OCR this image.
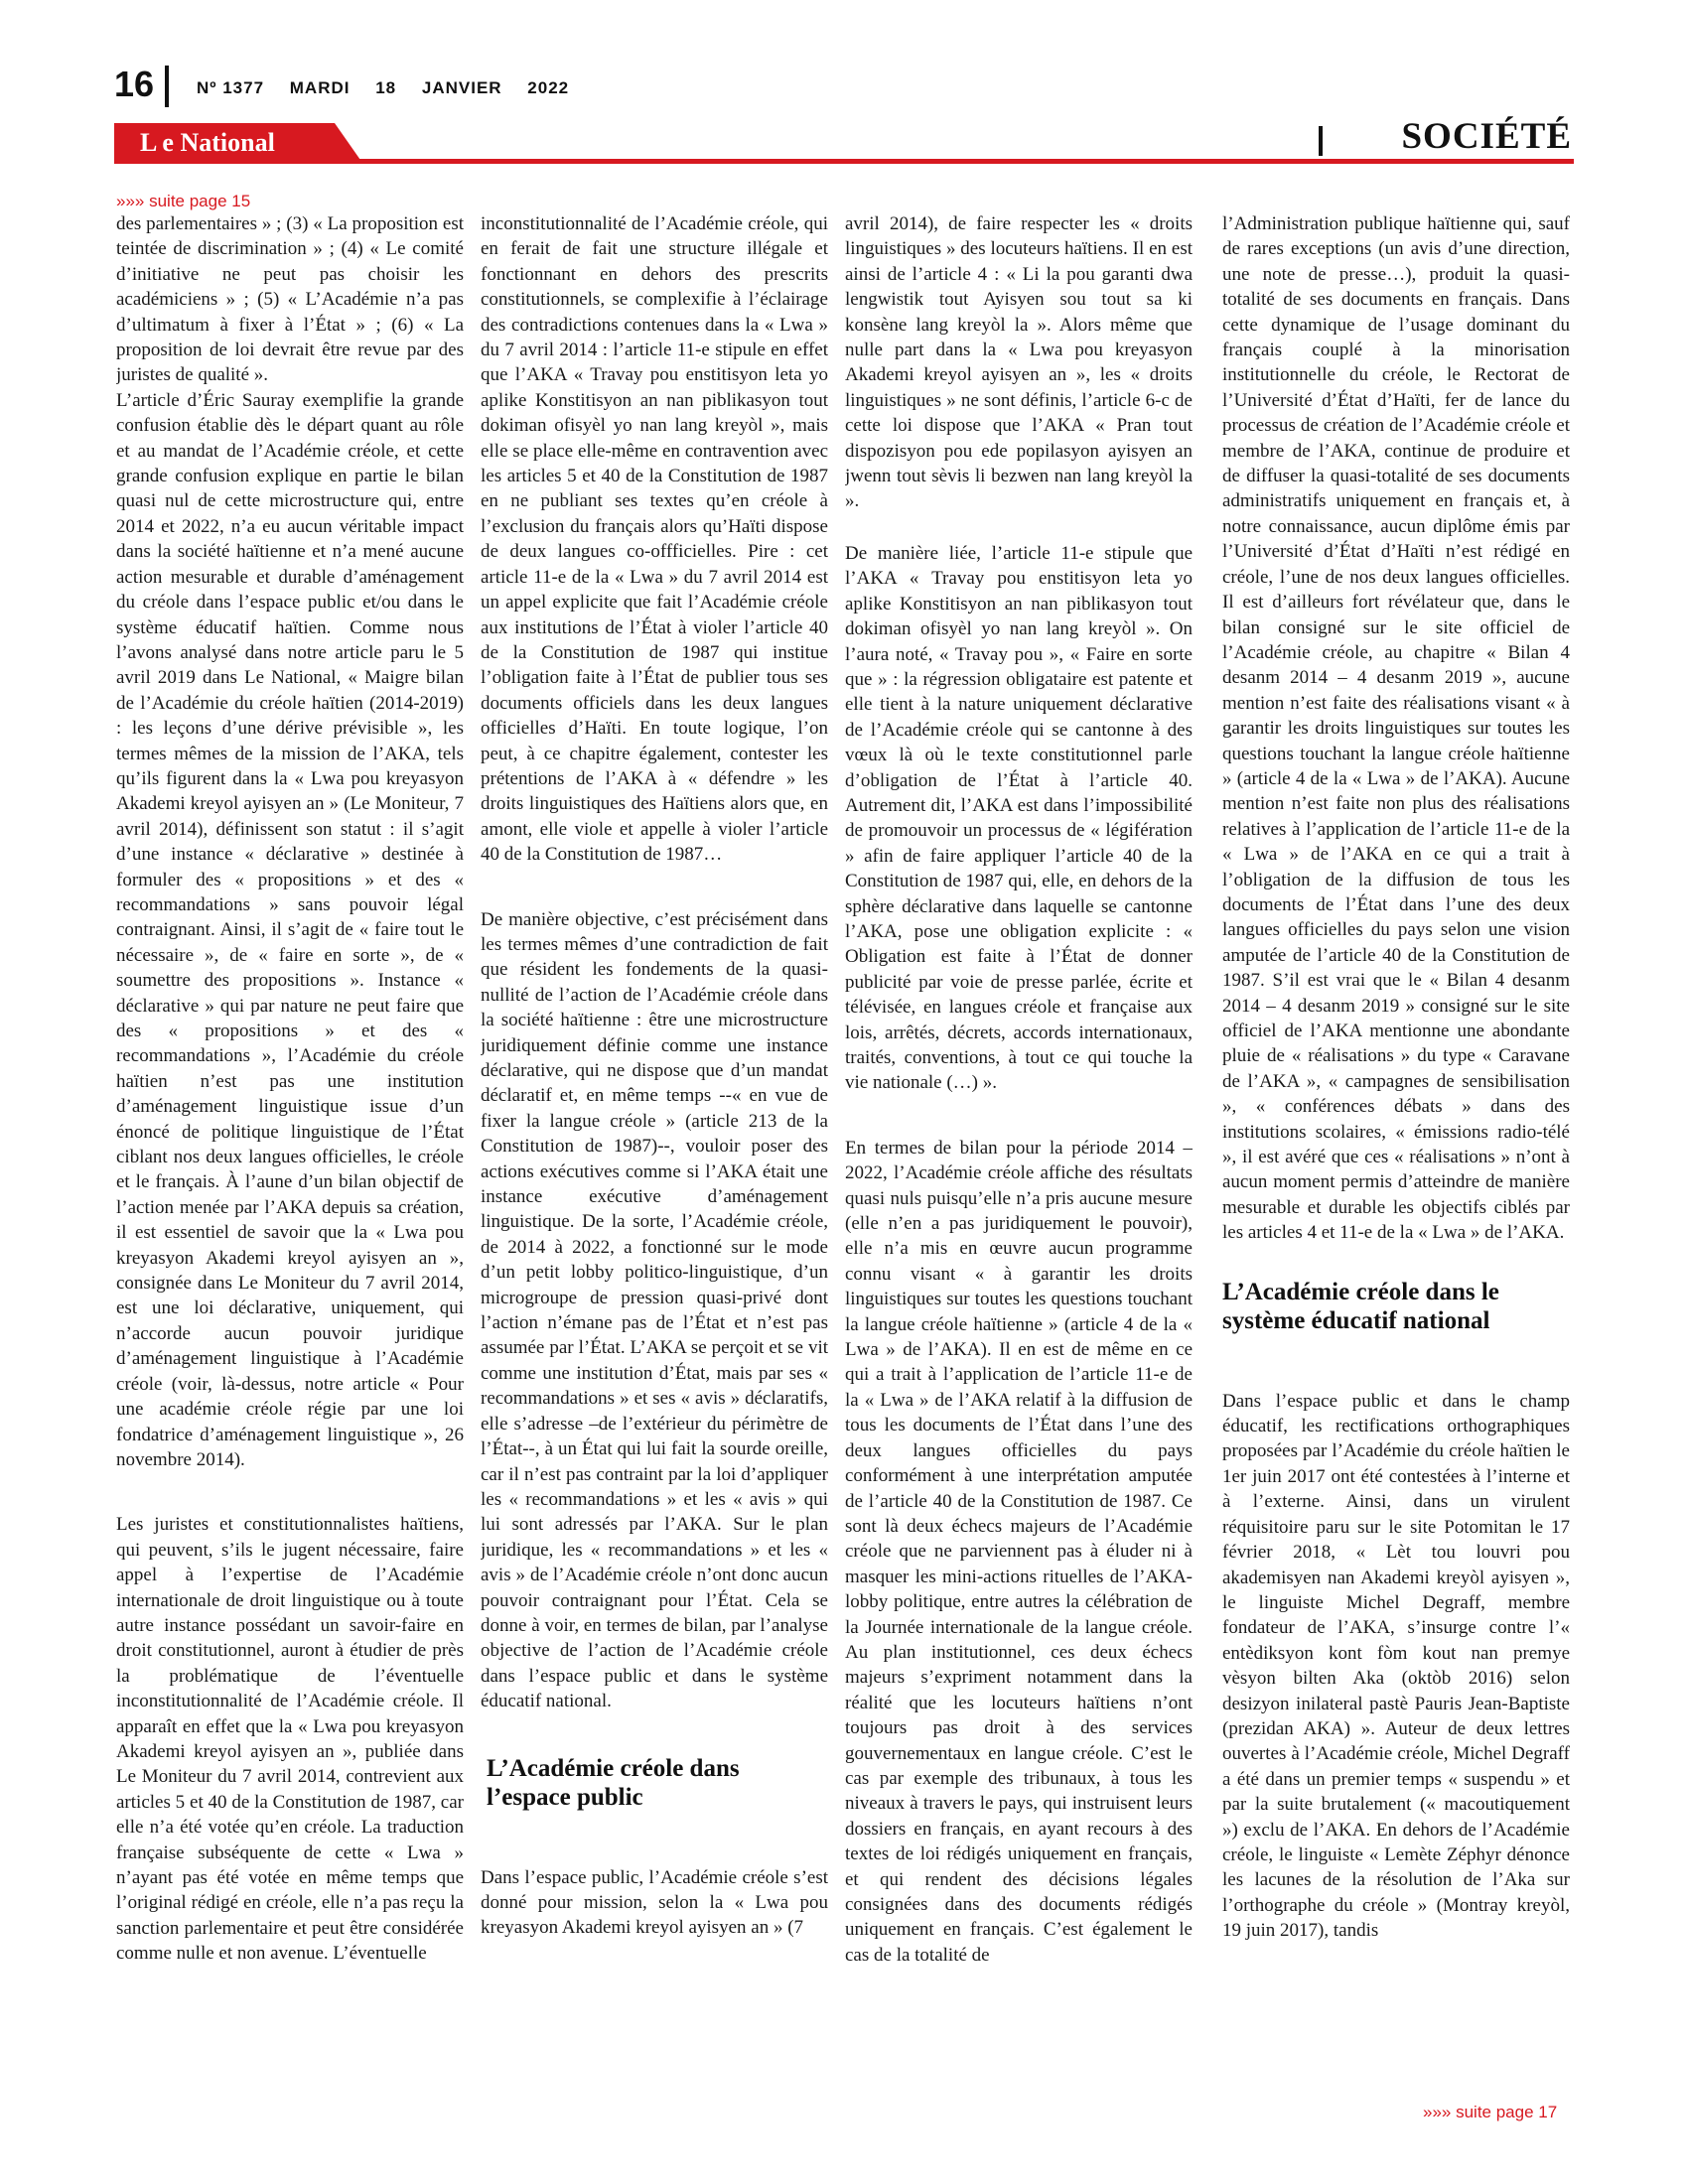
16	Nº 1377 MARDI 18 JANVIER 2022
L e National	SOCIÉTÉ
»»» suite page 15

des parlementaires » ; (3) « La proposition est teintée de discrimination » ; (4) « Le comité d’initiative ne peut pas choisir les académiciens » ; (5) « L’Académie n’a pas d’ultimatum à fixer à l’État » ; (6) « La proposition de loi devrait être revue par des juristes de qualité ».

L’article d’Éric Sauray exemplifie la grande confusion établie dès le départ quant au rôle et au mandat de l’Académie créole, et cette grande confusion explique en partie le bilan quasi nul de cette microstructure qui, entre 2014 et 2022, n’a eu aucun véritable impact dans la société haïtienne et n’a mené aucune action mesurable et durable d’aménagement du créole dans l’espace public et/ou dans le système éducatif haïtien. Comme nous l’avons analysé dans notre article paru le 5 avril 2019 dans Le National, « Maigre bilan de l’Académie du créole haïtien (2014-2019) : les leçons d’une dérive prévisible », les termes mêmes de la mission de l’AKA, tels qu’ils figurent dans la « Lwa pou kreyasyon Akademi kreyol ayisyen an » (Le Moniteur, 7 avril 2014), définissent son statut : il s’agit d’une instance « déclarative » destinée à formuler des « propositions » et des « recommandations » sans pouvoir légal contraignant. Ainsi, il s’agit de « faire tout le nécessaire », de « faire en sorte », de « soumettre des propositions ». Instance « déclarative » qui par nature ne peut faire que des « propositions » et des « recommandations », l’Académie du créole haïtien n’est pas une institution d’aménagement linguistique issue d’un énoncé de politique linguistique de l’État ciblant nos deux langues officielles, le créole et le français. À l’aune d’un bilan objectif de l’action menée par l’AKA depuis sa création, il est essentiel de savoir que la « Lwa pou kreyasyon Akademi kreyol ayisyen an », consignée dans Le Moniteur du 7 avril 2014, est une loi déclarative, uniquement, qui n’accorde aucun pouvoir juridique d’aménagement linguistique à l’Académie créole (voir, là-dessus, notre article « Pour une académie créole régie par une loi fondatrice d’aménagement linguistique », 26 novembre 2014).

Les juristes et constitutionnalistes haïtiens, qui peuvent, s’ils le jugent nécessaire, faire appel à l’expertise de l’Académie internationale de droit linguistique ou à toute autre instance possédant un savoir-faire en droit constitutionnel, auront à étudier de près la problématique de l’éventuelle inconstitutionnalité de l’Académie créole. Il apparaît en effet que la « Lwa pou kreyasyon Akademi kreyol ayisyen an », publiée dans Le Moniteur du 7 avril 2014, contrevient aux articles 5 et 40 de la Constitution de 1987, car elle n’a été votée qu’en créole. La traduction française subséquente de cette « Lwa » n’ayant pas été votée en même temps que l’original rédigé en créole, elle n’a pas reçu la sanction parlementaire et peut être considérée comme nulle et non avenue. L’éventuelle

inconstitutionnalité de l’Académie créole, qui en ferait de fait une structure illégale et fonctionnant en dehors des prescrits constitutionnels, se complexifie à l’éclairage des contradictions contenues dans la « Lwa » du 7 avril 2014 : l’article 11-e stipule en effet que l’AKA « Travay pou enstitisyon leta yo aplike Konstitisyon an nan piblikasyon tout dokiman ofisyèl yo nan lang kreyòl », mais elle se place elle-même en contravention avec les articles 5 et 40 de la Constitution de 1987 en ne publiant ses textes qu’en créole à l’exclusion du français alors qu’Haïti dispose de deux langues co-offficielles. Pire : cet article 11-e de la « Lwa » du 7 avril 2014 est un appel explicite que fait l’Académie créole aux institutions de l’État à violer l’article 40 de la Constitution de 1987 qui institue l’obligation faite à l’État de publier tous ses documents officiels dans les deux langues officielles d’Haïti. En toute logique, l’on peut, à ce chapitre également, contester les prétentions de l’AKA à « défendre » les droits linguistiques des Haïtiens alors que, en amont, elle viole et appelle à violer l’article 40 de la Constitution de 1987…

De manière objective, c’est précisément dans les termes mêmes d’une contradiction de fait que résident les fondements de la quasi-nullité de l’action de l’Académie créole dans la société haïtienne : être une microstructure juridiquement définie comme une instance déclarative, qui ne dispose que d’un mandat déclaratif et, en même temps --« en vue de fixer la langue créole » (article 213 de la Constitution de 1987)--, vouloir poser des actions exécutives comme si l’AKA était une instance exécutive d’aménagement linguistique. De la sorte, l’Académie créole, de 2014 à 2022, a fonctionné sur le mode d’un petit lobby politico-linguistique, d’un microgroupe de pression quasi-privé dont l’action n’émane pas de l’État et n’est pas assumée par l’État. L’AKA se perçoit et se vit comme une institution d’État, mais par ses « recommandations » et ses « avis » déclaratifs, elle s’adresse –de l’extérieur du périmètre de l’État--, à un État qui lui fait la sourde oreille, car il n’est pas contraint par la loi d’appliquer les « recommandations » et les « avis » qui lui sont adressés par l’AKA. Sur le plan juridique, les « recommandations » et les « avis » de l’Académie créole n’ont donc aucun pouvoir contraignant pour l’État. Cela se donne à voir, en termes de bilan, par l’analyse objective de l’action de l’Académie créole dans l’espace public et dans le système éducatif national.

L’Académie créole dans l’espace public

Dans l’espace public, l’Académie créole s’est donné pour mission, selon la « Lwa pou kreyasyon Akademi kreyol ayisyen an » (7

avril 2014), de faire respecter les « droits linguistiques » des locuteurs haïtiens. Il en est ainsi de l’article 4 : « Li la pou garanti dwa lengwistik tout Ayisyen sou tout sa ki konsène lang kreyòl la ». Alors même que nulle part dans la « Lwa pou kreyasyon Akademi kreyol ayisyen an », les « droits linguistiques » ne sont définis, l’article 6-c de cette loi dispose que l’AKA « Pran tout dispozisyon pou ede popilasyon ayisyen an jwenn tout sèvis li bezwen nan lang kreyòl la ».

De manière liée, l’article 11-e stipule que l’AKA « Travay pou enstitisyon leta yo aplike Konstitisyon an nan piblikasyon tout dokiman ofisyèl yo nan lang kreyòl ». On l’aura noté, « Travay pou », « Faire en sorte que » : la régression obligataire est patente et elle tient à la nature uniquement déclarative de l’Académie créole qui se cantonne à des vœux là où le texte constitutionnel parle d’obligation de l’État à l’article 40. Autrement dit, l’AKA est dans l’impossibilité de promouvoir un processus de « légifération » afin de faire appliquer l’article 40 de la Constitution de 1987 qui, elle, en dehors de la sphère déclarative dans laquelle se cantonne l’AKA, pose une obligation explicite : « Obligation est faite à l’État de donner publicité par voie de presse parlée, écrite et télévisée, en langues créole et française aux lois, arrêtés, décrets, accords internationaux, traités, conventions, à tout ce qui touche la vie nationale (…) ».

En termes de bilan pour la période 2014 – 2022, l’Académie créole affiche des résultats quasi nuls puisqu’elle n’a pris aucune mesure (elle n’en a pas juridiquement le pouvoir), elle n’a mis en œuvre aucun programme connu visant « à garantir les droits linguistiques sur toutes les questions touchant la langue créole haïtienne » (article 4 de la « Lwa » de l’AKA). Il en est de même en ce qui a trait à l’application de l’article 11-e de la « Lwa » de l’AKA relatif à la diffusion de tous les documents de l’État dans l’une des deux langues officielles du pays conformément à une interprétation amputée de l’article 40 de la Constitution de 1987. Ce sont là deux échecs majeurs de l’Académie créole que ne parviennent pas à éluder ni à masquer les mini-actions rituelles de l’AKA-lobby politique, entre autres la célébration de la Journée internationale de la langue créole. Au plan institutionnel, ces deux échecs majeurs s’expriment notamment dans la réalité que les locuteurs haïtiens n’ont toujours pas droit à des services gouvernementaux en langue créole. C’est le cas par exemple des tribunaux, à tous les niveaux à travers le pays, qui instruisent leurs dossiers en français, en ayant recours à des textes de loi rédigés uniquement en français, et qui rendent des décisions légales consignées dans des documents rédigés uniquement en français. C’est également le cas de la totalité de

l’Administration publique haïtienne qui, sauf de rares exceptions (un avis d’une direction, une note de presse…), produit la quasi-totalité de ses documents en français. Dans cette dynamique de l’usage dominant du français couplé à la minorisation institutionnelle du créole, le Rectorat de l’Université d’État d’Haïti, fer de lance du processus de création de l’Académie créole et membre de l’AKA, continue de produire et de diffuser la quasi-totalité de ses documents administratifs uniquement en français et, à notre connaissance, aucun diplôme émis par l’Université d’État d’Haïti n’est rédigé en créole, l’une de nos deux langues officielles. Il est d’ailleurs fort révélateur que, dans le bilan consigné sur le site officiel de l’Académie créole, au chapitre « Bilan 4 desanm 2014 – 4 desanm 2019 », aucune mention n’est faite des réalisations visant « à garantir les droits linguistiques sur toutes les questions touchant la langue créole haïtienne » (article 4 de la « Lwa » de l’AKA). Aucune mention n’est faite non plus des réalisations relatives à l’application de l’article 11-e de la « Lwa » de l’AKA en ce qui a trait à l’obligation de la diffusion de tous les documents de l’État dans l’une des deux langues officielles du pays selon une vision amputée de l’article 40 de la Constitution de 1987. S’il est vrai que le « Bilan 4 desanm 2014 – 4 desanm 2019 » consigné sur le site officiel de l’AKA mentionne une abondante pluie de « réalisations » du type « Caravane de l’AKA », « campagnes de sensibilisation », « conférences débats » dans des institutions scolaires, « émissions radio-télé », il est avéré que ces « réalisations » n’ont à aucun moment permis d’atteindre de manière mesurable et durable les objectifs ciblés par les articles 4 et 11-e de la « Lwa » de l’AKA.

L’Académie créole dans le système éducatif national

Dans l’espace public et dans le champ éducatif, les rectifications orthographiques proposées par l’Académie du créole haïtien le 1er juin 2017 ont été contestées à l’interne et à l’externe. Ainsi, dans un virulent réquisitoire paru sur le site Potomitan le 17 février 2018, « Lèt tou louvri pou akademisyen nan Akademi kreyòl ayisyen », le linguiste Michel Degraff, membre fondateur de l’AKA, s’insurge contre l’« entèdiksyon kont fòm kout nan premye vèsyon bilten Aka (oktòb 2016) selon desizyon inilateral pastè Pauris Jean-Baptiste (prezidan AKA) ». Auteur de deux lettres ouvertes à l’Académie créole, Michel Degraff a été dans un premier temps « suspendu » et par la suite brutalement (« macoutiquement ») exclu de l’AKA. En dehors de l’Académie créole, le linguiste « Lemète Zéphyr dénonce les lacunes de la résolution de l’Aka sur l’orthographe du créole » (Montray kreyòl, 19 juin 2017), tandis

»»» suite page 17
